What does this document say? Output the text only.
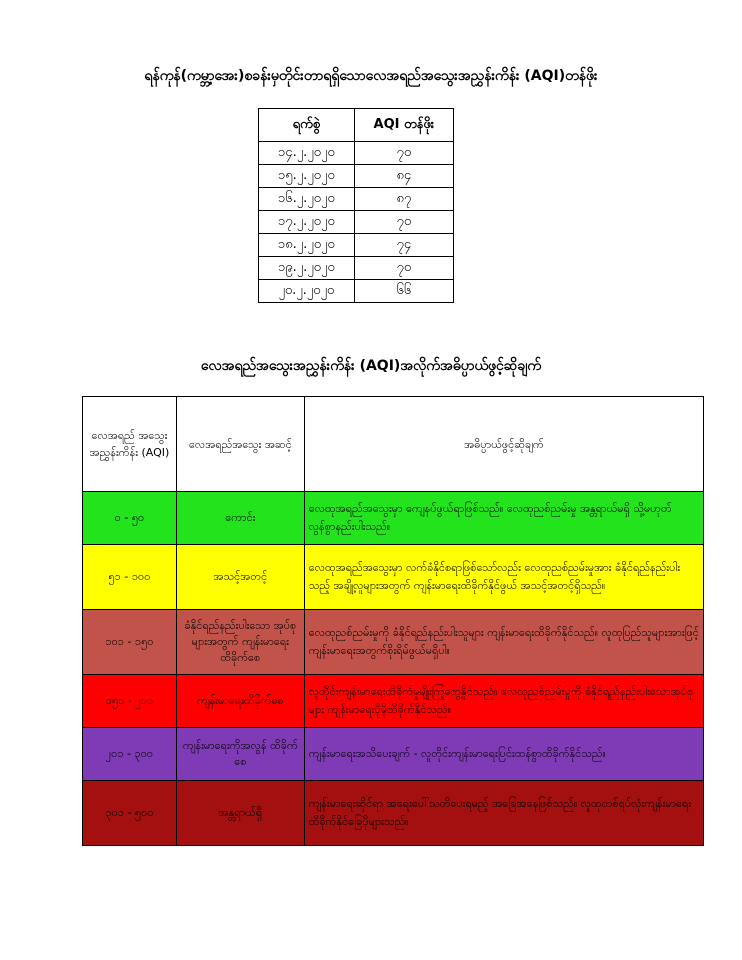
ရန်ကုန်(ကမ္ဘာ့အေး)စခန်းမှတိုင်းတာရရှိသောလေအရည်အသွေးအညွှန်းကိန်း (AQI)တန်ဖိုး
ရက်စွဲ	AQI တန်ဖိုး
၁၄.၂.၂၀၂၀	၇၀
၁၅.၂.၂၀၂၀	၈၄
၁၆.၂.၂၀၂၀	၈၇
၁၇.၂.၂၀၂၀	၇၀
၁၈.၂.၂၀၂၀	၇၄
၁၉.၂.၂၀၂၀	၇၀
၂၀.၂.၂၀၂၀	၆၆
လေအရည်အသွေးအညွှန်းကိန်း (AQI)အလိုက်အဓိပ္ပာယ်ဖွင့်ဆိုချက်
လေအရည် အသွေး အညွှန်းကိန်း (AQI)	လေအရည်အသွေး အဆင့်	အဓိပ္ပာယ်ဖွင့်ဆိုချက်
၀ - ၅၀	ကောင်း	လေထုအရည်အသွေးမှာ ကျေနပ်ဖွယ်ရာဖြစ်သည်။ လေထုညစ်ညမ်းမှု အန္တရာယ်မရှိ သို့မဟုတ် လွန်စွာနည်းပါးသည်။
၅၁ - ၁၀၀	အသင့်အတင့်	လေထုအရည်အသွေးမှာ လက်ခံနိုင်စရာဖြစ်သော်လည်း လေထုညစ်ညမ်းမှုအား ခံနိုင်ရည်နည်းပါးသည့် အချို့လူများအတွက် ကျန်းမာရေးထိခိုက်နိုင်ဖွယ် အသင့်အတင့်ရှိသည်။
၁၀၁ - ၁၅၀	ခံနိုင်ရည်နည်းပါးသော အုပ်စုများအတွက် ကျန်းမာရေးထိခိုက်စေ	လေထုညစ်ညမ်းမှုကို ခံနိုင်ရည်နည်းပါးသူများ ကျန်းမာရေးထိခိုက်နိုင်သည်။ လူထုပြည်သူများအားဖြင့် ကျန်းမာရေးအတွက်စိုးရိမ်ဖွယ်မရှိပါ။
၁၅၁ - ၂၀၀	ကျန်းမာရေးထိခိုက်စေ	လူတိုင်းကျန်းမာရေးထိခိုက်မှုမျိုးကြုံတွေ့နိုင်သည်။ လေထုညစ်ညမ်းမှုကို ခံနိုင်ရည်နည်းပါးသောအုပ်စုများ ကျန်းမာရေးပိုမိုထိခိုက်နိုင်သည်။
၂၀၁ - ၃၀၀	ကျန်းမာရေးကိုအလွန် ထိခိုက်စေ	ကျန်းမာရေးအသိပေးချက် - လူတိုင်းကျန်းမာရေးပြင်းထန်စွာထိခိုက်နိုင်သည်။
၃၀၁ - ၅၀၀	အန္တရာယ်ရှိ	ကျန်းမာရေးဆိုင်ရာ အရေးပေါ်သတိပေးရမည့် အခြေအနေဖြစ်သည်။ လူထုတစ်ရပ်လုံးကျန်းမာရေးထိခိုက်နိုင်ခြေပိုများသည်။
